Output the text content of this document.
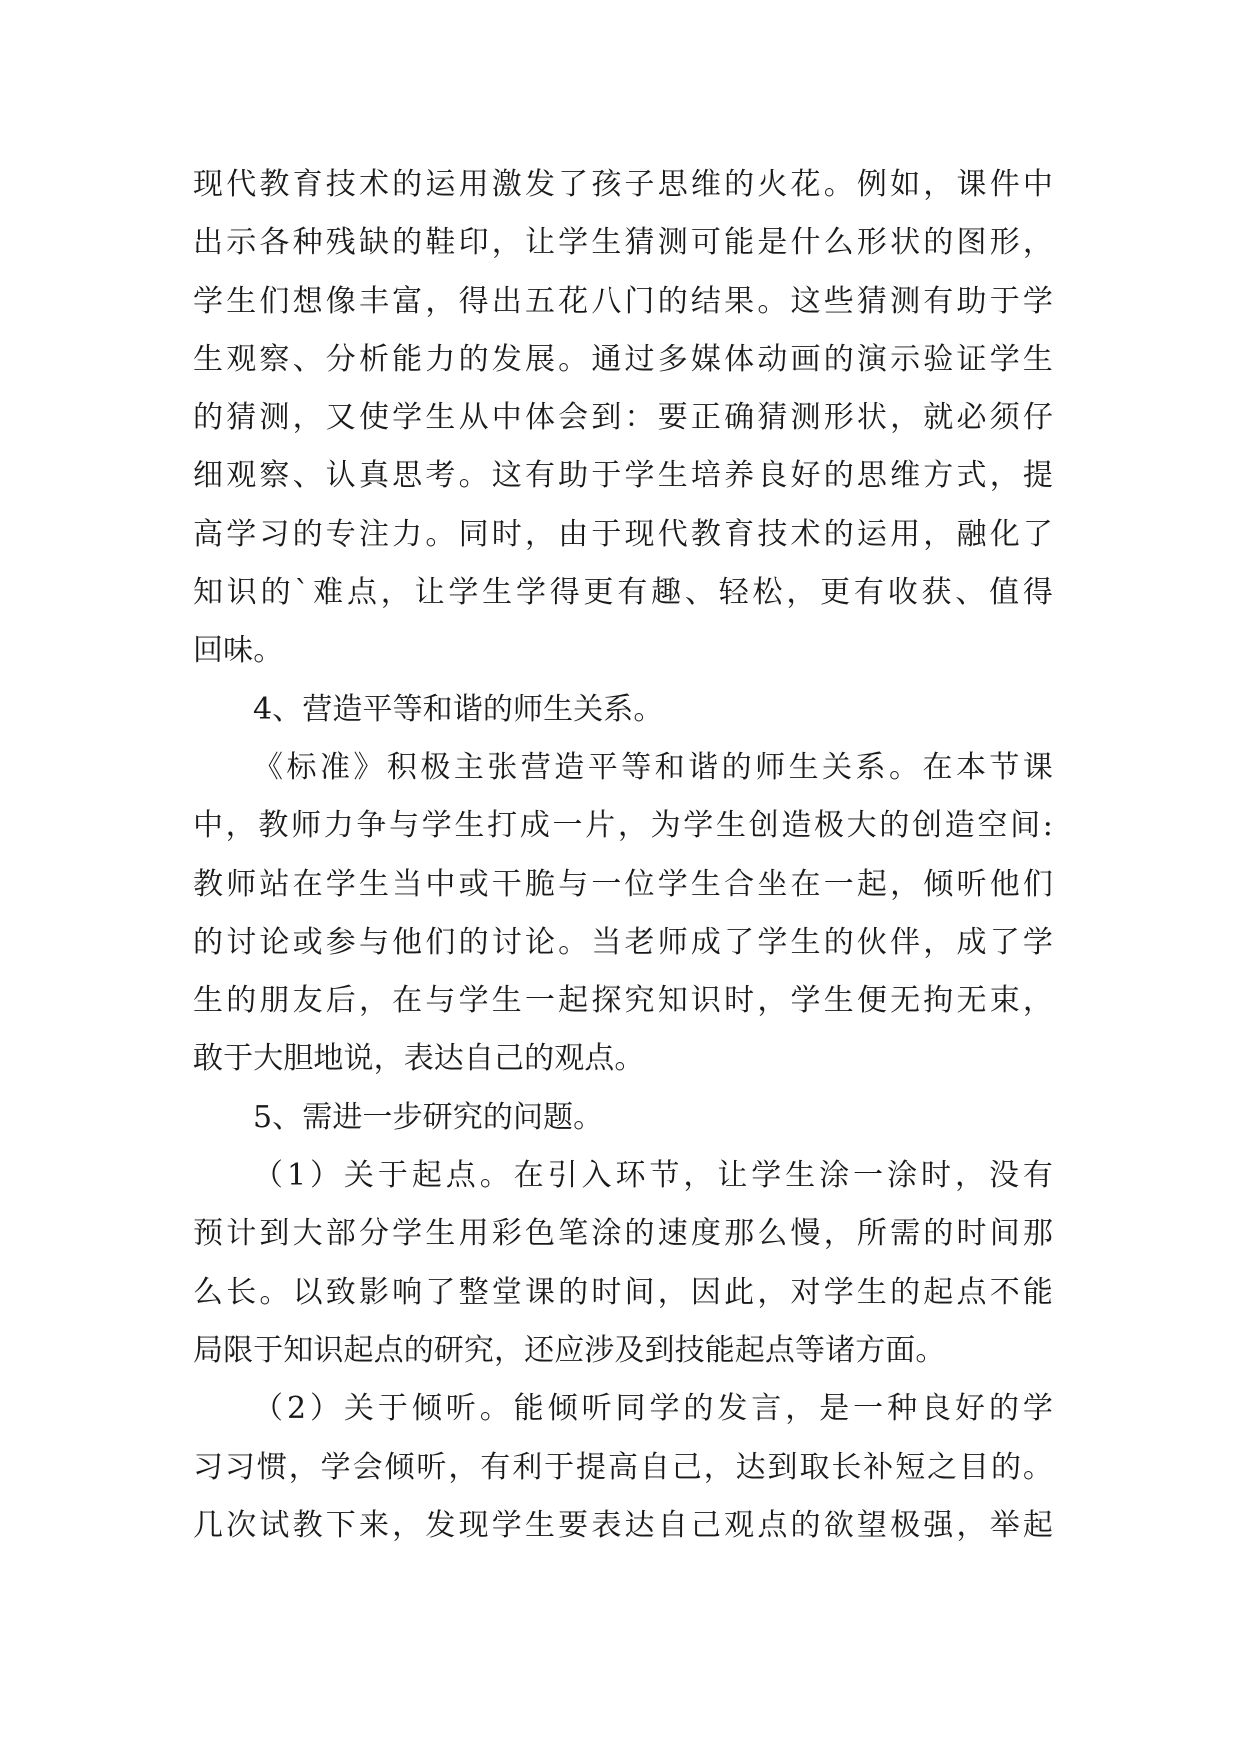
现代教育技术的运用激发了孩子思维的火花。例如，课件中
出示各种残缺的鞋印，让学生猜测可能是什么形状的图形，
学生们想像丰富，得出五花八门的结果。这些猜测有助于学
生观察、分析能力的发展。通过多媒体动画的演示验证学生
的猜测，又使学生从中体会到：要正确猜测形状，就必须仔
细观察、认真思考。这有助于学生培养良好的思维方式，提
高学习的专注力。同时，由于现代教育技术的运用，融化了
知识的`难点，让学生学得更有趣、轻松，更有收获、值得
回味。
4、营造平等和谐的师生关系。
《标准》积极主张营造平等和谐的师生关系。在本节课
中，教师力争与学生打成一片，为学生创造极大的创造空间:
教师站在学生当中或干脆与一位学生合坐在一起，倾听他们
的讨论或参与他们的讨论。当老师成了学生的伙伴，成了学
生的朋友后，在与学生一起探究知识时，学生便无拘无束，
敢于大胆地说，表达自己的观点。
5、需进一步研究的问题。
（1）关于起点。在引入环节，让学生涂一涂时，没有
预计到大部分学生用彩色笔涂的速度那么慢，所需的时间那
么长。以致影响了整堂课的时间，因此，对学生的起点不能
局限于知识起点的研究，还应涉及到技能起点等诸方面。
（2）关于倾听。能倾听同学的发言，是一种良好的学
习习惯，学会倾听，有利于提高自己，达到取长补短之目的。
几次试教下来，发现学生要表达自己观点的欲望极强，举起
